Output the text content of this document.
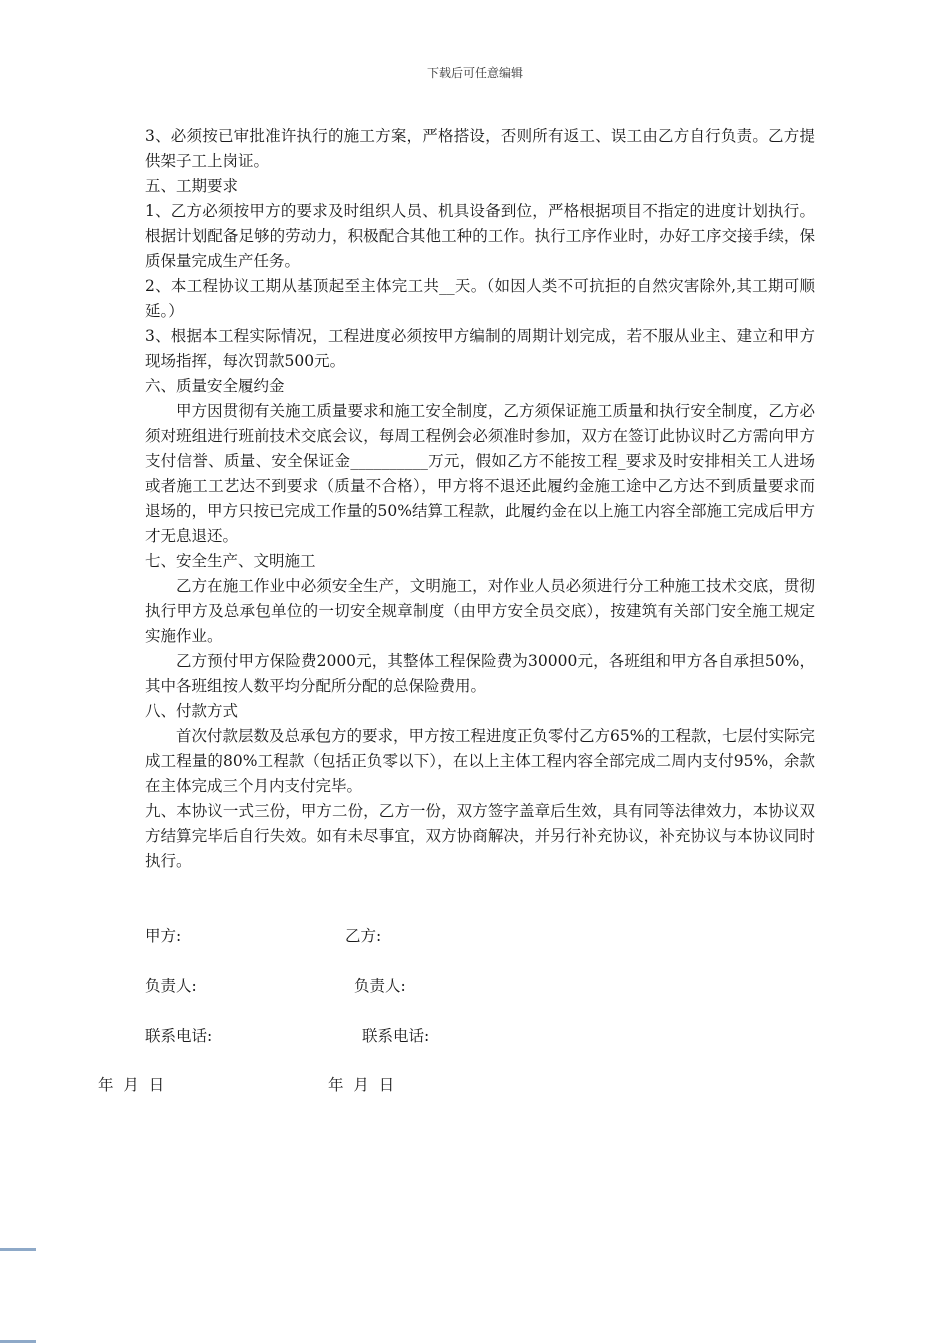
下载后可任意编辑

3、必须按已审批准许执行的施工方案，严格搭设，否则所有返工、误工由乙方自行负责。乙方提供架子工上岗证。

五、工期要求

1、乙方必须按甲方的要求及时组织人员、机具设备到位，严格根据项目不指定的进度计划执行。根据计划配备足够的劳动力，积极配合其他工种的工作。执行工序作业时，办好工序交接手续，保质保量完成生产任务。

2、本工程协议工期从基顶起至主体完工共__天。（如因人类不可抗拒的自然灾害除外,其工期可顺延。）

3、根据本工程实际情况，工程进度必须按甲方编制的周期计划完成，若不服从业主、建立和甲方现场指挥，每次罚款500元。

六、质量安全履约金

甲方因贯彻有关施工质量要求和施工安全制度，乙方须保证施工质量和执行安全制度，乙方必须对班组进行班前技术交底会议，每周工程例会必须准时参加，双方在签订此协议时乙方需向甲方支付信誉、质量、安全保证金__________万元，假如乙方不能按工程_要求及时安排相关工人进场或者施工工艺达不到要求（质量不合格），甲方将不退还此履约金施工途中乙方达不到质量要求而退场的，甲方只按已完成工作量的50%结算工程款，此履约金在以上施工内容全部施工完成后甲方才无息退还。

七、安全生产、文明施工

乙方在施工作业中必须安全生产，文明施工，对作业人员必须进行分工种施工技术交底，贯彻执行甲方及总承包单位的一切安全规章制度（由甲方安全员交底），按建筑有关部门安全施工规定实施作业。

乙方预付甲方保险费2000元，其整体工程保险费为30000元，各班组和甲方各自承担50%，其中各班组按人数平均分配所分配的总保险费用。

八、付款方式

首次付款层数及总承包方的要求，甲方按工程进度正负零付乙方65%的工程款，七层付实际完成工程量的80%工程款（包括正负零以下），在以上主体工程内容全部完成二周内支付95%，余款在主体完成三个月内支付完毕。

九、本协议一式三份，甲方二份，乙方一份，双方签字盖章后生效，具有同等法律效力，本协议双方结算完毕后自行失效。如有未尽事宜，双方协商解决，并另行补充协议，补充协议与本协议同时执行。

甲方:	乙方:
负责人:	负责人:
联系电话:	联系电话:
年  月  日	年  月  日
